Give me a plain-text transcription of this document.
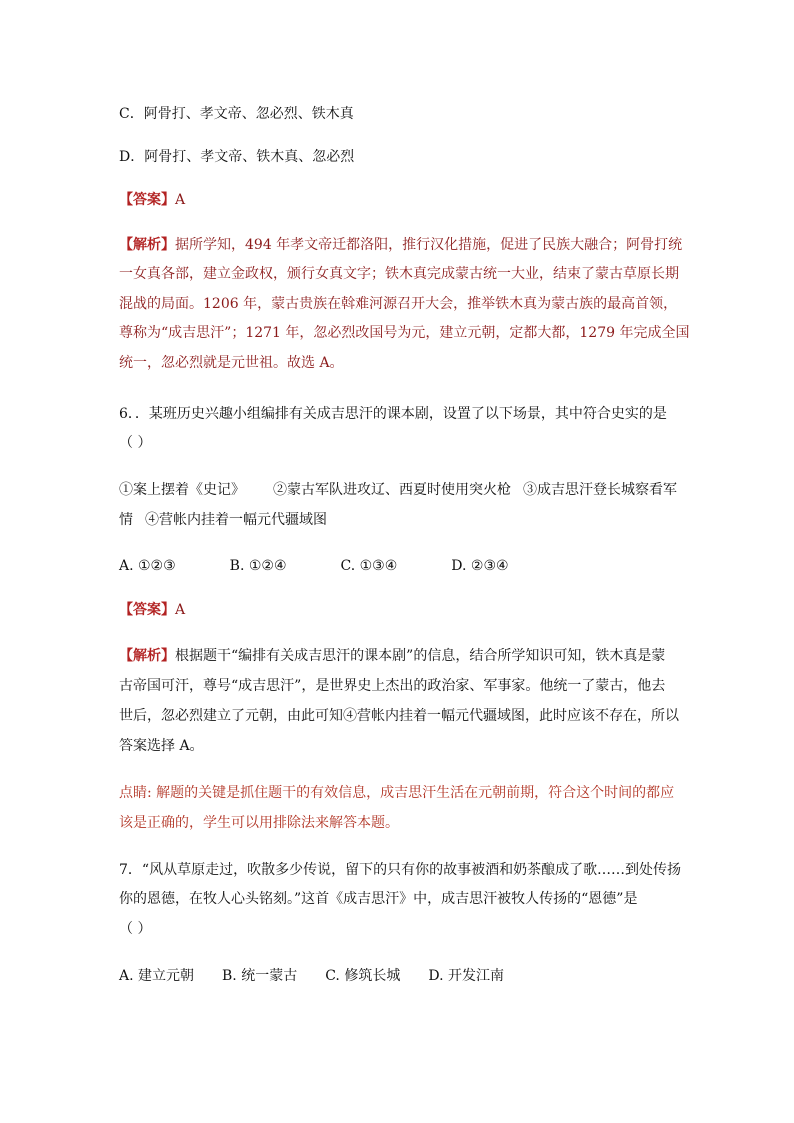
C．阿骨打、孝文帝、忽必烈、铁木真
D．阿骨打、孝文帝、铁木真、忽必烈
【答案】A
【解析】据所学知，494 年孝文帝迁都洛阳，推行汉化措施，促进了民族大融合；阿骨打统
一女真各部，建立金政权，颁行女真文字；铁木真完成蒙古统一大业，结束了蒙古草原长期
混战的局面。1206 年，蒙古贵族在斡难河源召开大会，推举铁木真为蒙古族的最高首领，
尊称为“成吉思汗”；1271 年，忽必烈改国号为元，建立元朝，定都大都，1279 年完成全国
统一，忽必烈就是元世祖。故选 A。
6．．某班历史兴趣小组编排有关成吉思汗的课本剧，设置了以下场景，其中符合史实的是
（ ）
①案上摆着《史记》 ②蒙古军队进攻辽、西夏时使用突火枪 ③成吉思汗登长城察看军
情 ④营帐内挂着一幅元代疆域图
A. ①②③	B. ①②④	C. ①③④	D. ②③④
【答案】A
【解析】根据题干“编排有关成吉思汗的课本剧”的信息，结合所学知识可知，铁木真是蒙
古帝国可汗，尊号“成吉思汗”，是世界史上杰出的政治家、军事家。他统一了蒙古，他去
世后，忽必烈建立了元朝，由此可知④营帐内挂着一幅元代疆域图，此时应该不存在，所以
答案选择 A。
点睛: 解题的关键是抓住题干的有效信息，成吉思汗生活在元朝前期，符合这个时间的都应
该是正确的，学生可以用排除法来解答本题。
7．“风从草原走过，吹散多少传说，留下的只有你的故事被酒和奶茶酿成了歌……到处传扬
你的恩德，在牧人心头铭刻。”这首《成吉思汗》中，成吉思汗被牧人传扬的“恩德”是
（ ）
A. 建立元朝 B. 统一蒙古 C. 修筑长城 D. 开发江南
